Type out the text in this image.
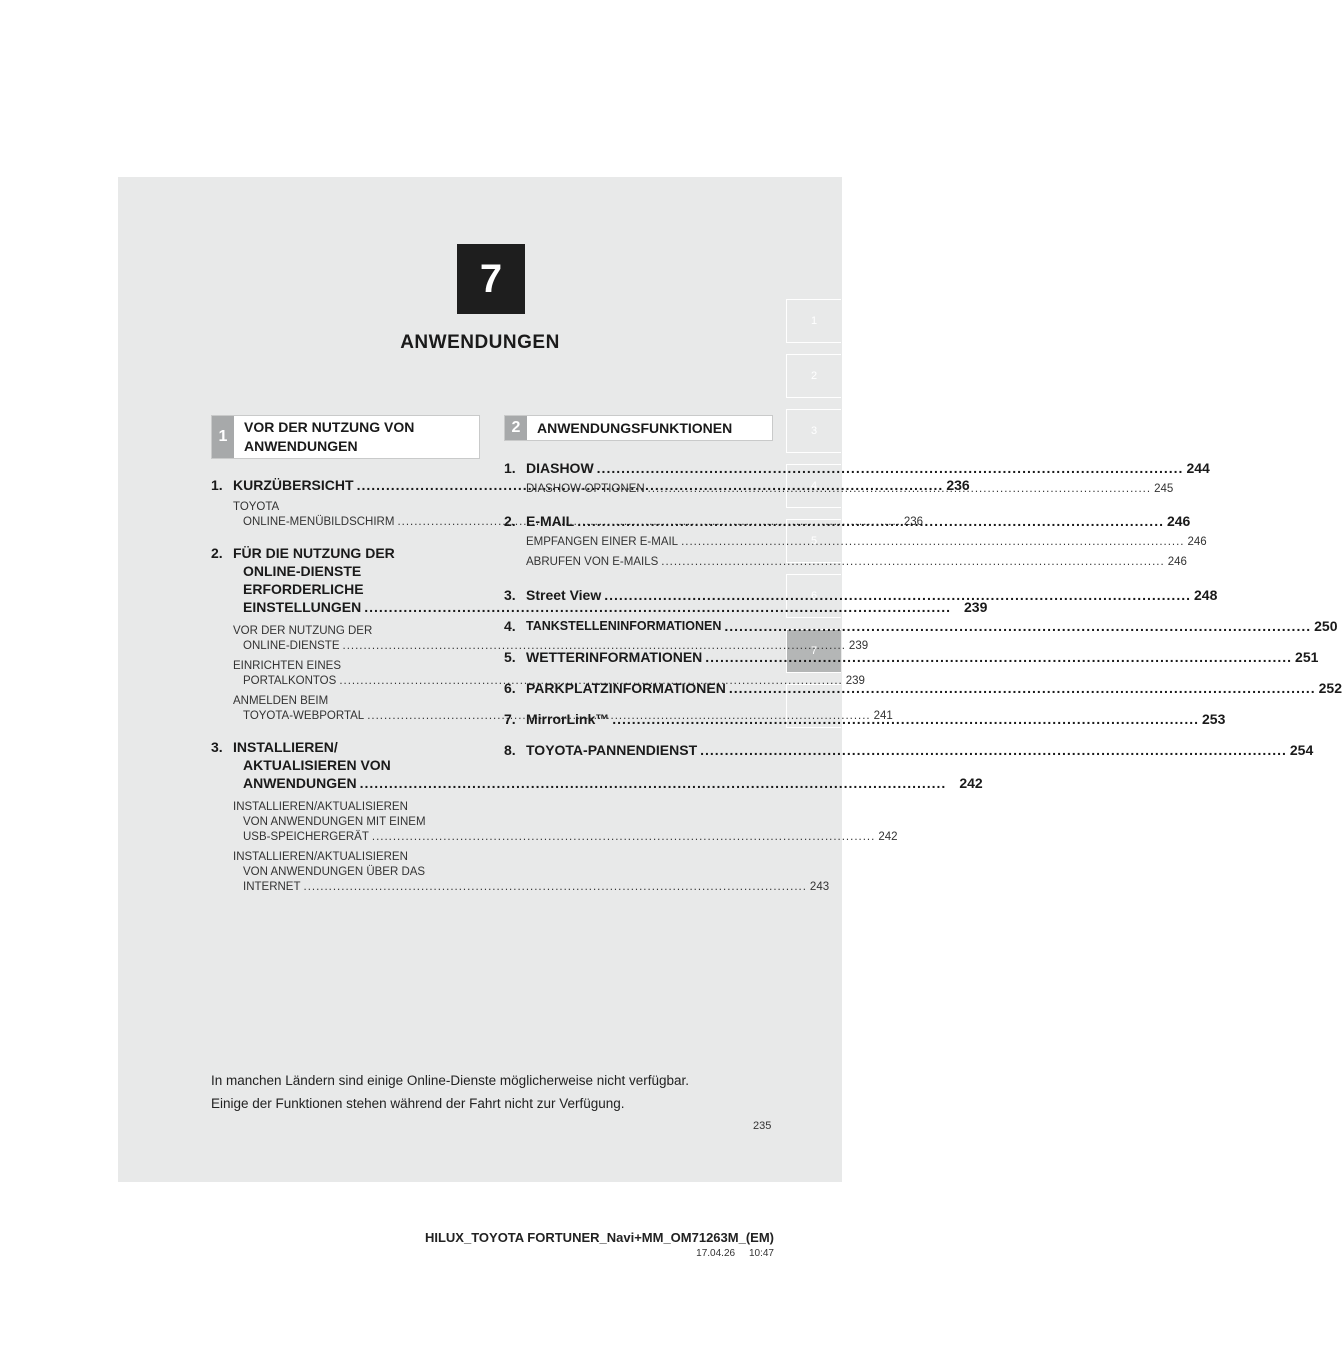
7
ANWENDUNGEN
1
2
3
4
5
6
7
1
VOR DER NUTZUNG VON
ANWENDUNGEN
2	ANWENDUNGSFUNKTIONEN
1. KURZÜBERSICHT .....	236
TOYOTA
ONLINE-MENÜBILDSCHIRM .....	236
2. FÜR DIE NUTZUNG DER
ONLINE-DIENSTE
ERFORDERLICHE
EINSTELLUNGEN .....	239
VOR DER NUTZUNG DER
ONLINE-DIENSTE .....	239
EINRICHTEN EINES
PORTALKONTOS .....	239
ANMELDEN BEIM
TOYOTA-WEBPORTAL .....	241
3. INSTALLIEREN/
AKTUALISIEREN VON
ANWENDUNGEN .....	242
INSTALLIEREN/AKTUALISIEREN
VON ANWENDUNGEN MIT EINEM
USB-SPEICHERGERÄT .....	242
INSTALLIEREN/AKTUALISIEREN
VON ANWENDUNGEN ÜBER DAS
INTERNET .....	243
1. DIASHOW .....	244
DIASHOW-OPTIONEN .....	245
2. E-MAIL .....	246
EMPFANGEN EINER E-MAIL .....	246
ABRUFEN VON E-MAILS .....	246
3. Street View .....	248
4. TANKSTELLENINFORMATIONEN .....	250
5. WETTERINFORMATIONEN .....	251
6. PARKPLATZINFORMATIONEN .....	252
7. MirrorLink™ .....	253
8. TOYOTA-PANNENDIENST .....	254
In manchen Ländern sind einige Online-Dienste möglicherweise nicht verfügbar.
Einige der Funktionen stehen während der Fahrt nicht zur Verfügung.
235
HILUX_TOYOTA FORTUNER_Navi+MM_OM71263M_(EM)
17.04.26     10:47
